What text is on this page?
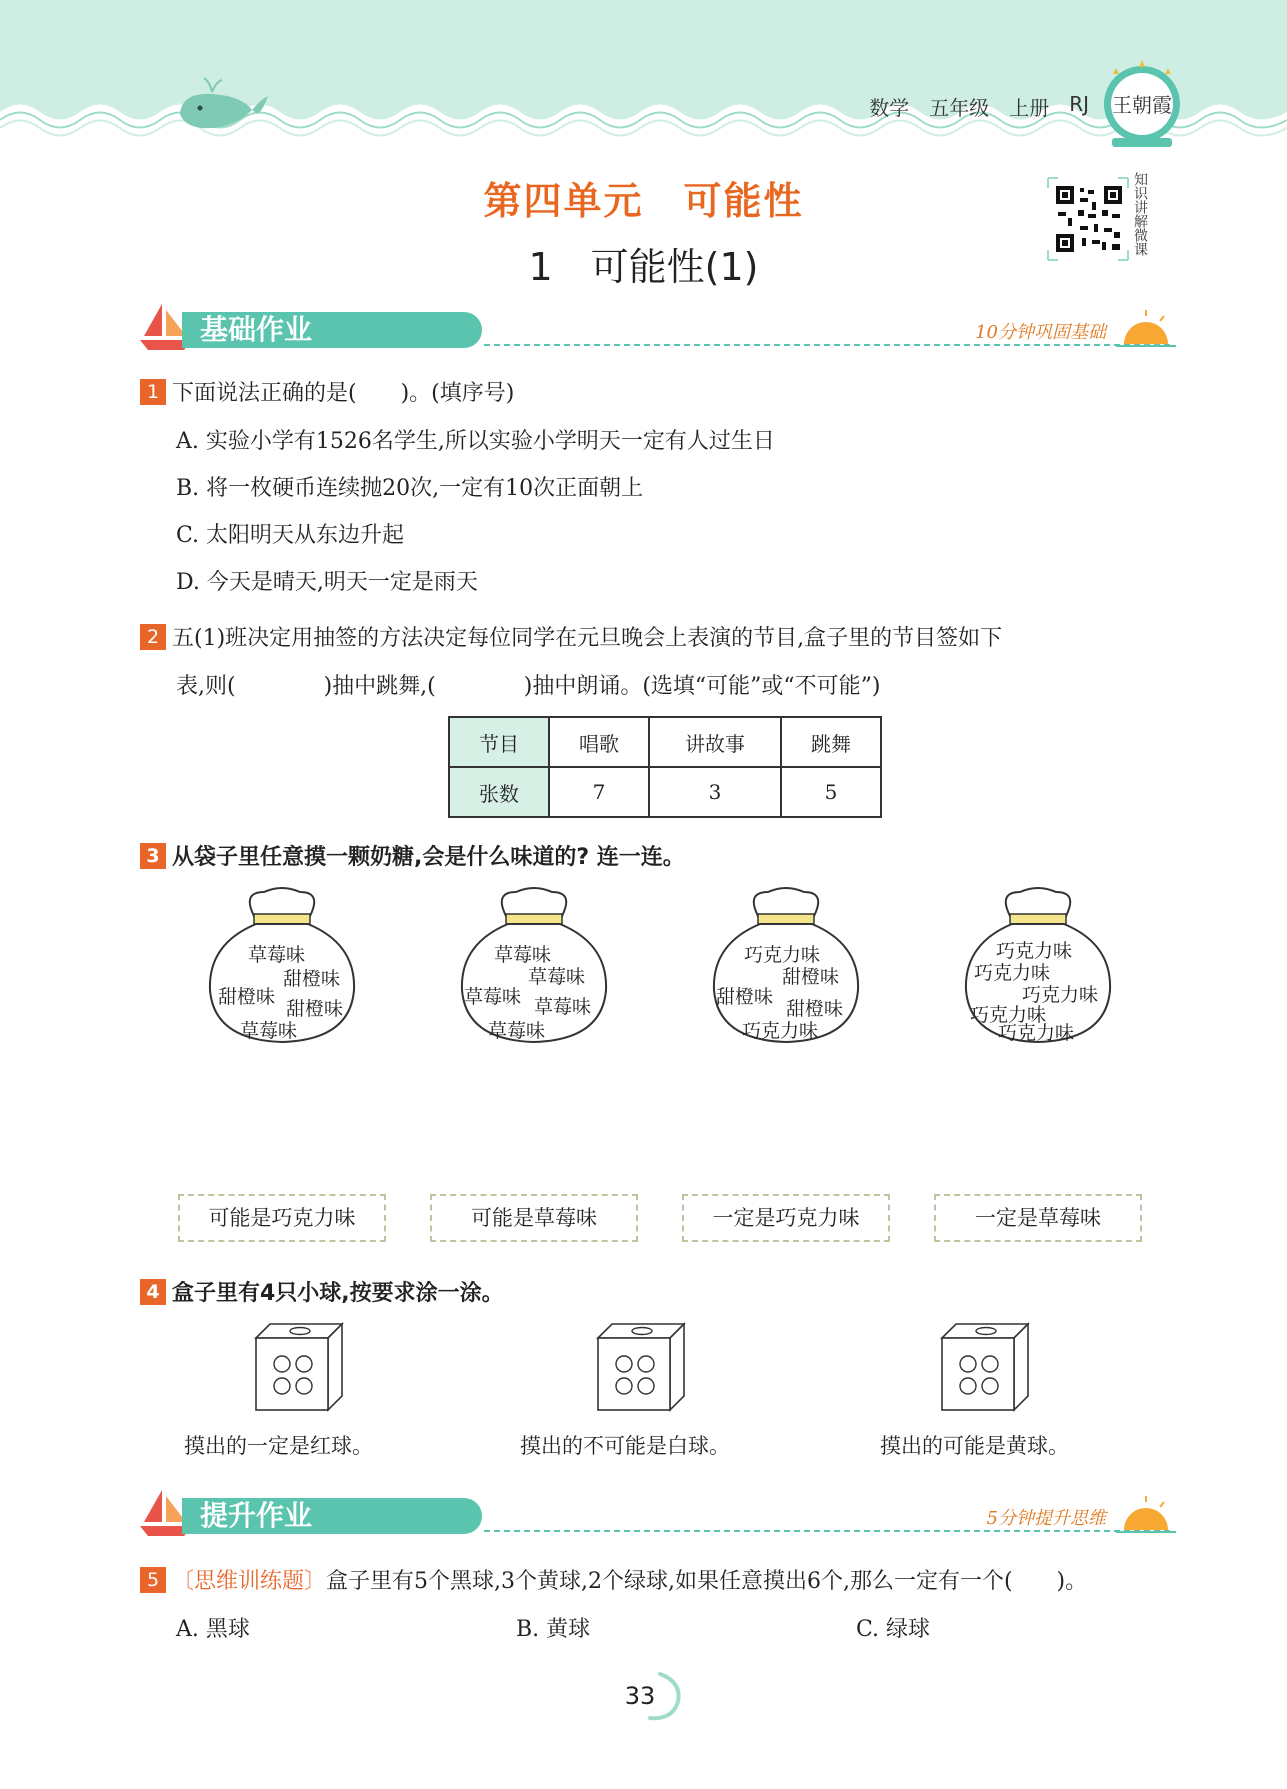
数学 五年级 上册 RJ 王朝霞
知识讲解微课
第四单元　可能性
1　可能性(1)
基础作业	10分钟巩固基础
1 下面说法正确的是(　　)。(填序号)
A. 实验小学有1526名学生,所以实验小学明天一定有人过生日
B. 将一枚硬币连续抛20次,一定有10次正面朝上
C. 太阳明天从东边升起
D. 今天是晴天,明天一定是雨天
2 五(1)班决定用抽签的方法决定每位同学在元旦晚会上表演的节目,盒子里的节目签如下
表,则(　　　　)抽中跳舞,(　　　　)抽中朗诵。(选填“可能”或“不可能”)
节目	唱歌	讲故事	跳舞
张数	7	3	5
3 从袋子里任意摸一颗奶糖,会是什么味道的? 连一连。
草莓味
甜橙味
甜橙味
甜橙味
草莓味
草莓味
草莓味
草莓味 草莓味
草莓味
巧克力味
甜橙味
甜橙味
甜橙味
巧克力味
巧克力味
巧克力味
巧克力味
巧克力味
巧克力味
可能是巧克力味	可能是草莓味	一定是巧克力味	一定是草莓味
4 盒子里有4只小球,按要求涂一涂。
摸出的一定是红球。	摸出的不可能是白球。	摸出的可能是黄球。
提升作业	5分钟提升思维
5 〔思维训练题〕盒子里有5个黑球,3个黄球,2个绿球,如果任意摸出6个,那么一定有一个(　　)。
A. 黑球	B. 黄球	C. 绿球
33
